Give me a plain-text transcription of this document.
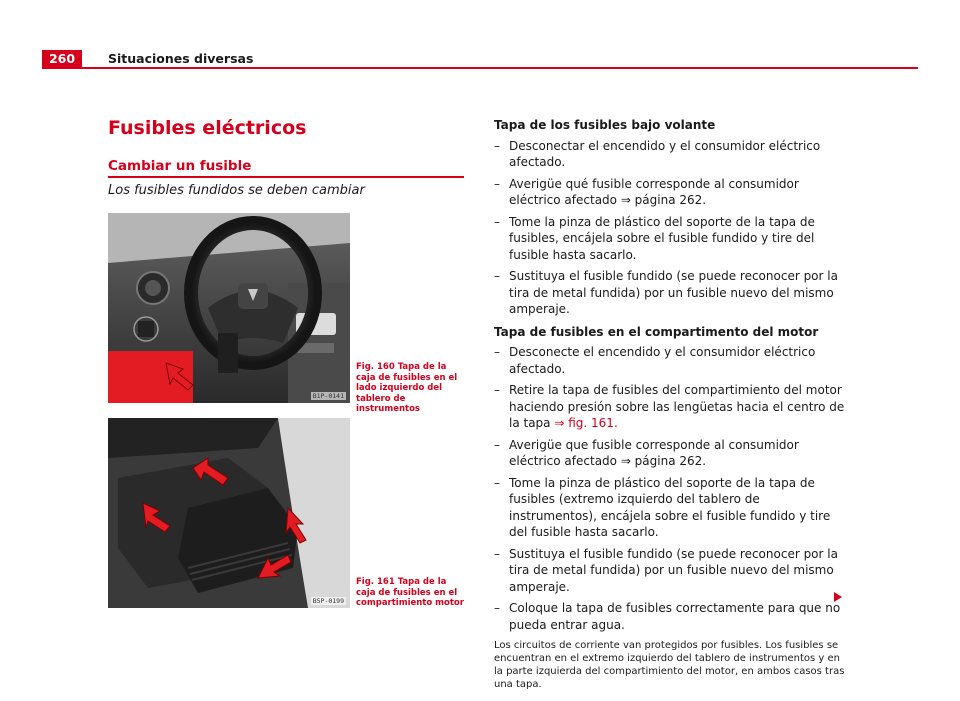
260	Situaciones diversas
Fusibles eléctricos
Cambiar un fusible
Los fusibles fundidos se deben cambiar
B1P-0141
Fig. 160 Tapa de la caja de fusibles en el lado izquierdo del tablero de instrumentos
B5P-0199
Fig. 161 Tapa de la caja de fusibles en el compartimiento motor

Tapa de los fusibles bajo volante

– Desconectar el encendido y el consumidor eléctrico afectado.
– Averigüe qué fusible corresponde al consumidor eléctrico afectado ⇒ página 262.
– Tome la pinza de plástico del soporte de la tapa de fusibles, encájela sobre el fusible fundido y tire del fusible hasta sacarlo.
– Sustituya el fusible fundido (se puede reconocer por la tira de metal fundida) por un fusible nuevo del mismo amperaje.

Tapa de fusibles en el compartimento del motor

– Desconecte el encendido y el consumidor eléctrico afectado.
– Retire la tapa de fusibles del compartimiento del motor haciendo presión sobre las lengüetas hacia el centro de la tapa ⇒ fig. 161.
– Averigüe que fusible corresponde al consumidor eléctrico afectado ⇒ página 262.
– Tome la pinza de plástico del soporte de la tapa de fusibles (extremo izquierdo del tablero de instrumentos), encájela sobre el fusible fundido y tire del fusible hasta sacarlo.
– Sustituya el fusible fundido (se puede reconocer por la tira de metal fundida) por un fusible nuevo del mismo amperaje.
– Coloque la tapa de fusibles correctamente para que no pueda entrar agua.
Los circuitos de corriente van protegidos por fusibles. Los fusibles se encuentran en el extremo izquierdo del tablero de instrumentos y en la parte izquierda del compartimiento del motor, en ambos casos tras una tapa.
